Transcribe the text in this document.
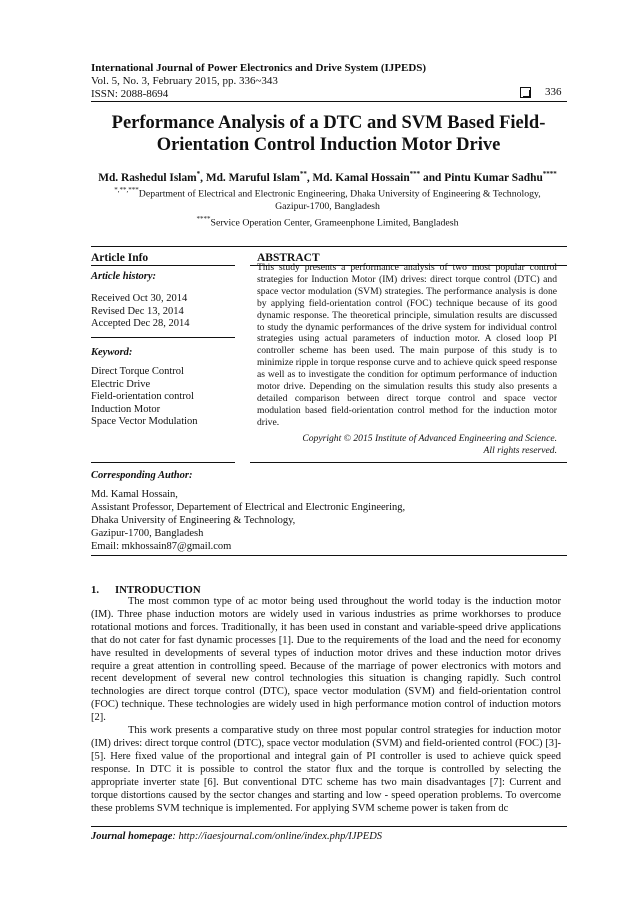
International Journal of Power Electronics and Drive System (IJPEDS)
Vol. 5, No. 3, February 2015, pp. 336~343
ISSN: 2088-8694	336
Performance Analysis of a DTC and SVM Based Field-
Orientation Control Induction Motor Drive
Md. Rashedul Islam*, Md. Maruful Islam**, Md. Kamal Hossain*** and Pintu Kumar Sadhu****
*,**,***Department of Electrical and Electronic Engineering, Dhaka University of Engineering & Technology,
Gazipur-1700, Bangladesh
****Service Operation Center, Grameenphone Limited, Bangladesh
Article Info	ABSTRACT
Article history:
Received Oct 30, 2014
Revised Dec 13, 2014
Accepted Dec 28, 2014
Keyword:
Direct Torque Control
Electric Drive
Field-orientation control
Induction Motor
Space Vector Modulation
This study presents a performance analysis of two most popular control strategies for Induction Motor (IM) drives: direct torque control (DTC) and space vector modulation (SVM) strategies. The performance analysis is done by applying field-orientation control (FOC) technique because of its good dynamic response. The theoretical principle, simulation results are discussed to study the dynamic performances of the drive system for individual control strategies using actual parameters of induction motor. A closed loop PI controller scheme has been used. The main purpose of this study is to minimize ripple in torque response curve and to achieve quick speed response as well as to investigate the condition for optimum performance of induction motor drive. Depending on the simulation results this study also presents a detailed comparison between direct torque control and space vector modulation based field-orientation control method for the induction motor drive.
Copyright © 2015 Institute of Advanced Engineering and Science.
All rights reserved.
Corresponding Author:
Md. Kamal Hossain,
Assistant Professor, Departement of Electrical and Electronic Engineering,
Dhaka University of Engineering & Technology,
Gazipur-1700, Bangladesh
Email: mkhossain87@gmail.com
1. INTRODUCTION

The most common type of ac motor being used throughout the world today is the induction motor (IM). Three phase induction motors are widely used in various industries as prime workhorses to produce rotational motions and forces. Traditionally, it has been used in constant and variable-speed drive applications that do not cater for fast dynamic processes [1]. Due to the requirements of the load and the need for economy have resulted in developments of several types of induction motor drives and these induction motor drives require a great attention in controlling speed. Because of the marriage of power electronics with motors and recent development of several new control technologies this situation is changing rapidly. Such control technologies are direct torque control (DTC), space vector modulation (SVM) and field-orientation control (FOC) technique. These technologies are widely used in high performance motion control of induction motors [2].

This work presents a comparative study on three most popular control strategies for induction motor (IM) drives: direct torque control (DTC), space vector modulation (SVM) and field-oriented control (FOC) [3]-[5]. Here fixed value of the proportional and integral gain of PI controller is used to achieve quick speed response. In DTC it is possible to control the stator flux and the torque is controlled by selecting the appropriate inverter state [6]. But conventional DTC scheme has two main disadvantages [7]: Current and torque distortions caused by the sector changes and starting and low - speed operation problems. To overcome these problems SVM technique is implemented. For applying SVM scheme power is taken from dc

Journal homepage: http://iaesjournal.com/online/index.php/IJPEDS
